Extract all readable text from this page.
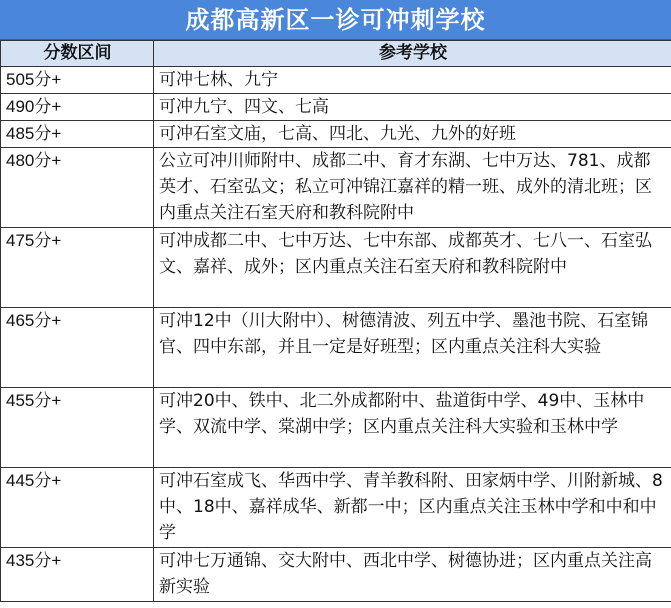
成都高新区一诊可冲刺学校
分数区间	参考学校
505分+	可冲七林、九宁
490分+	可冲九宁、四文、七高
485分+	可冲石室文庙，七高、四北、九光、九外的好班
480分+	公立可冲川师附中、成都二中、育才东湖、七中万达、781、成都英才、石室弘文；私立可冲锦江嘉祥的精一班、成外的清北班；区内重点关注石室天府和教科院附中
475分+	可冲成都二中、七中万达、七中东部、成都英才、七八一、石室弘文、嘉祥、成外；区内重点关注石室天府和教科院附中
465分+	可冲12中（川大附中）、树德清波、列五中学、墨池书院、石室锦官、四中东部，并且一定是好班型；区内重点关注科大实验
455分+	可冲20中、铁中、北二外成都附中、盐道街中学、49中、玉林中学、双流中学、棠湖中学；区内重点关注科大实验和玉林中学
445分+	可冲石室成飞、华西中学、青羊教科附、田家炳中学、川附新城、8中、18中、嘉祥成华、新都一中；区内重点关注玉林中学和中和中学
435分+	可冲七万通锦、交大附中、西北中学、树德协进；区内重点关注高新实验
